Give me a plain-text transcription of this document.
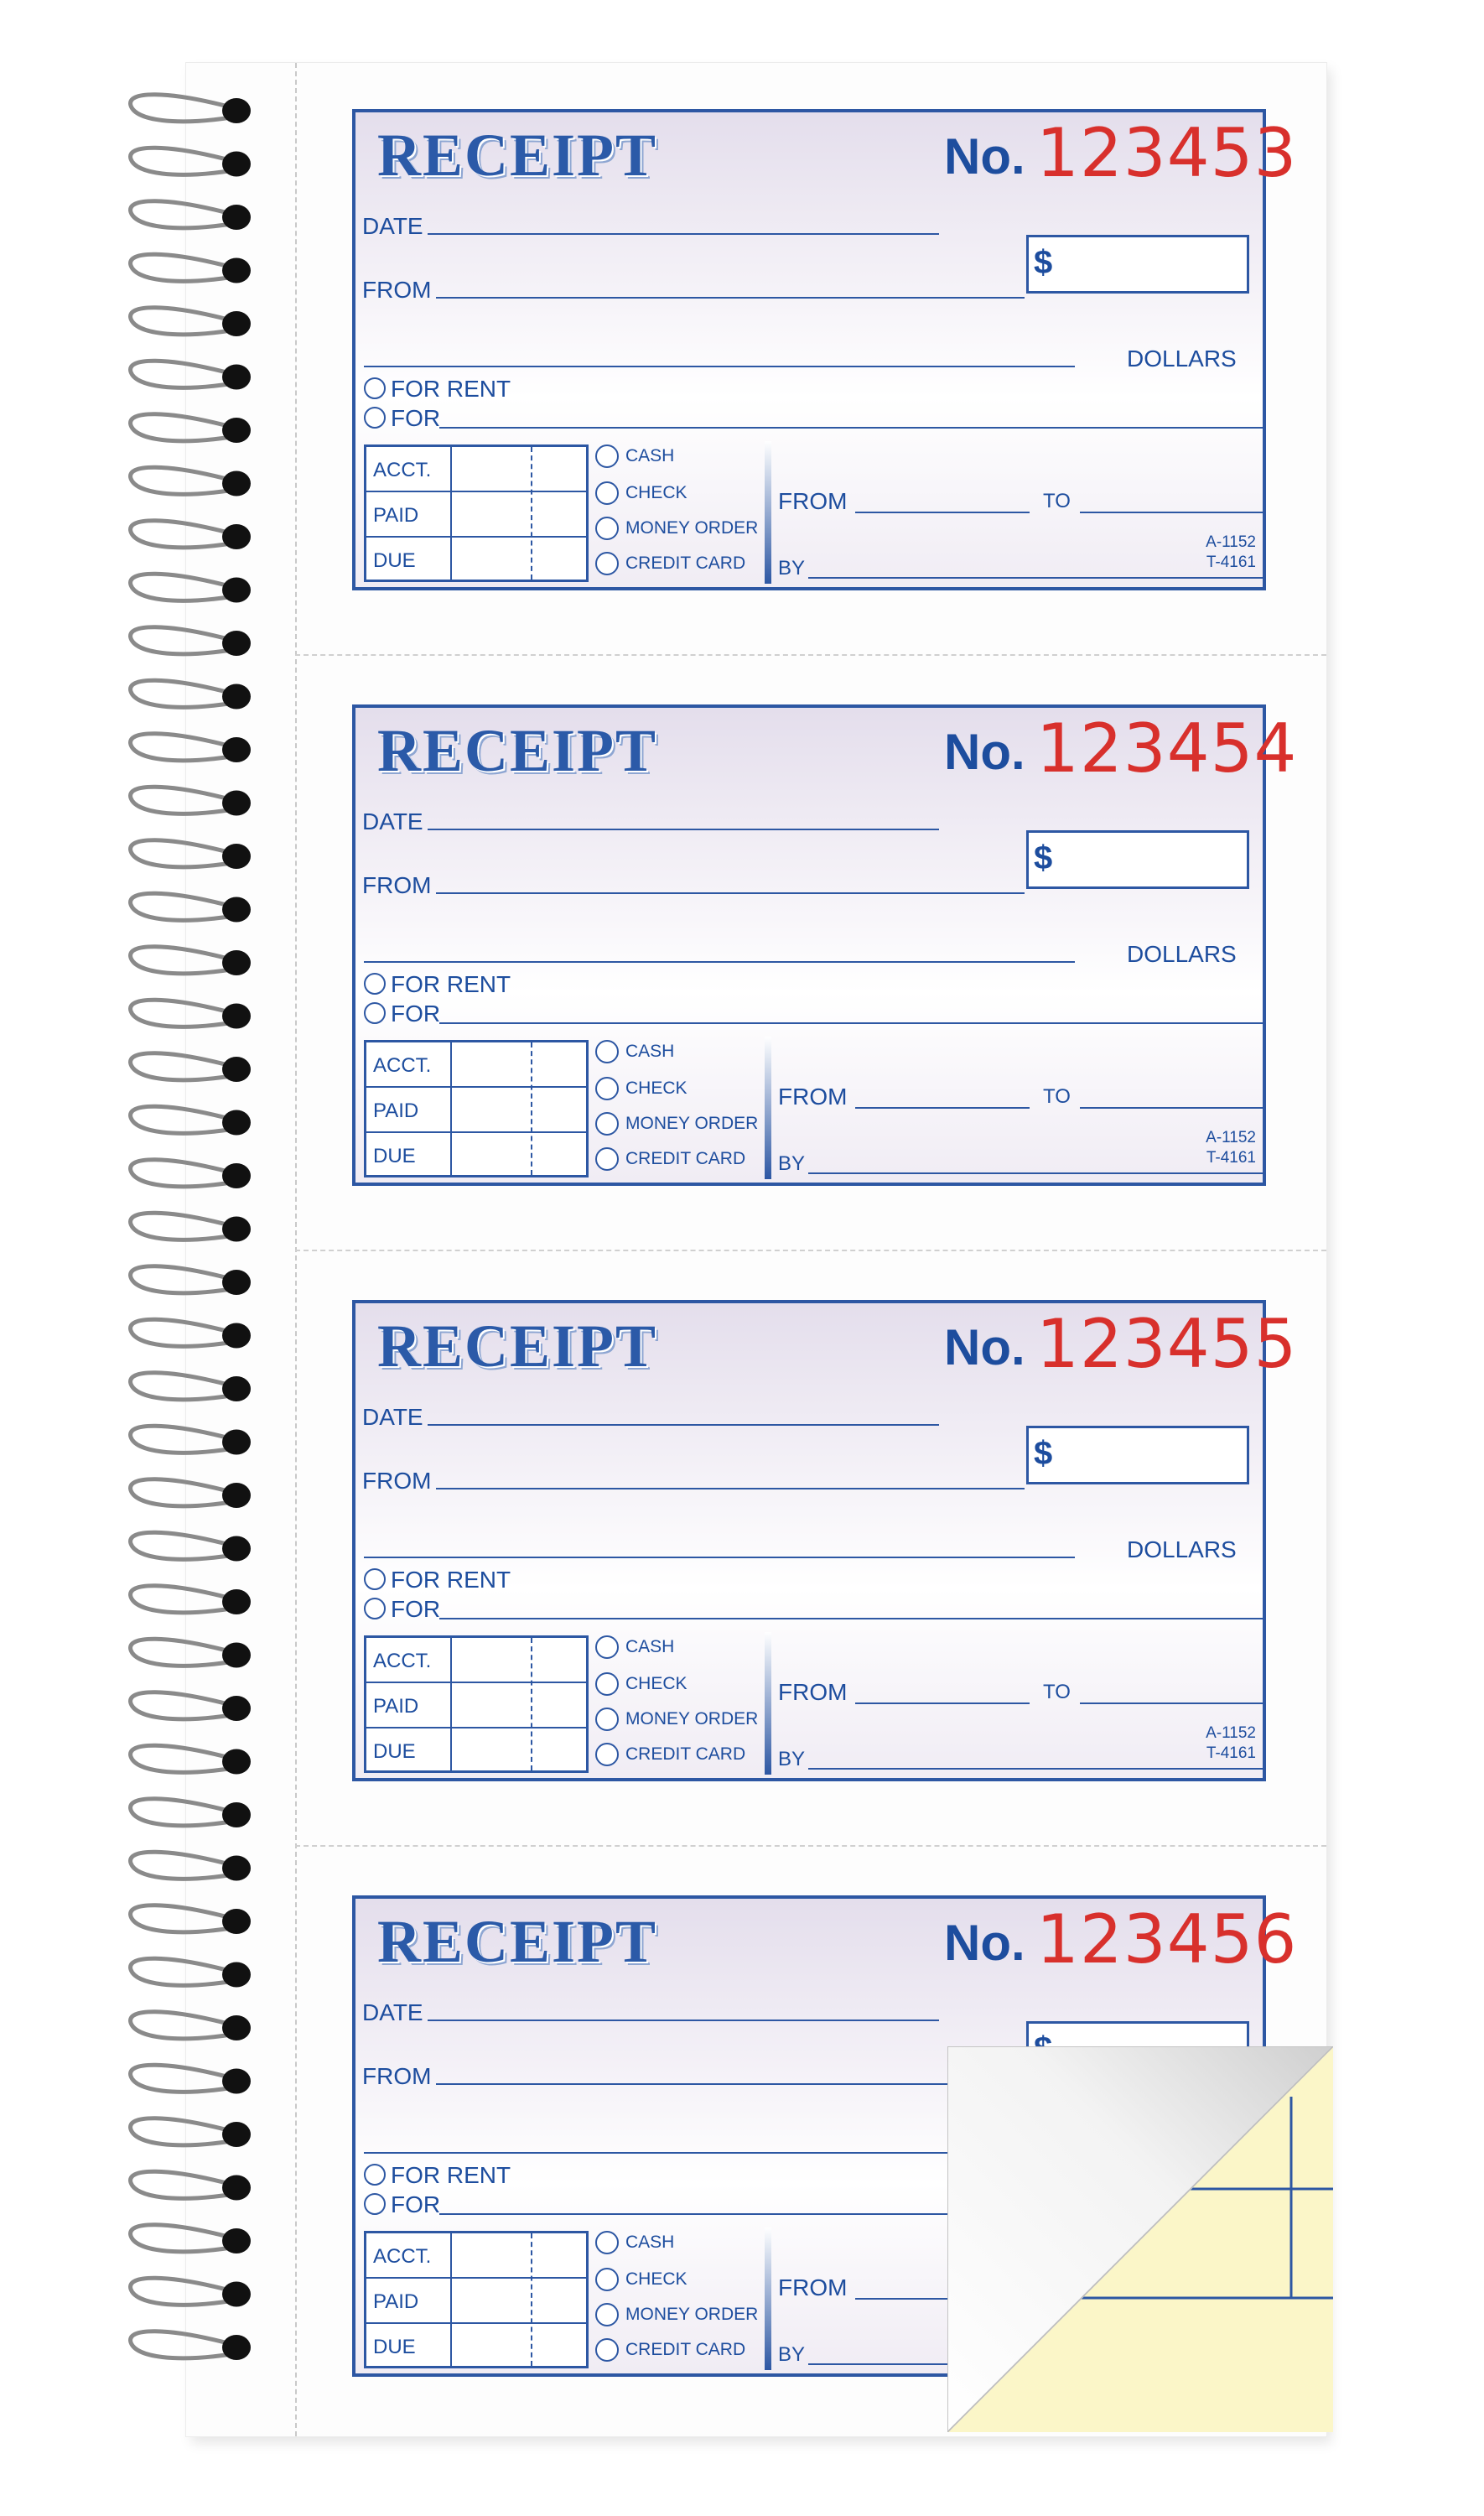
RECEIPT	No. 123453
DATE
FROM
$
DOLLARS
FOR RENT
FOR
ACCT.
PAID
DUE
CASH
CHECK
MONEY ORDER
CREDIT CARD
FROM	TO
BY
A-1152
T-4161
RECEIPT	No. 123454
DATE
FROM
$
DOLLARS
FOR RENT
FOR
ACCT.
PAID
DUE
CASH
CHECK
MONEY ORDER
CREDIT CARD
FROM	TO
BY
A-1152
T-4161
RECEIPT	No. 123455
DATE
FROM
$
DOLLARS
FOR RENT
FOR
ACCT.
PAID
DUE
CASH
CHECK
MONEY ORDER
CREDIT CARD
FROM	TO
BY
A-1152
T-4161
RECEIPT	No. 123456
DATE
FROM
FOR RENT
FOR
ACCT.
PAID
DUE
CASH
CHECK
MONEY ORDER
CREDIT CARD
FROM
BY
